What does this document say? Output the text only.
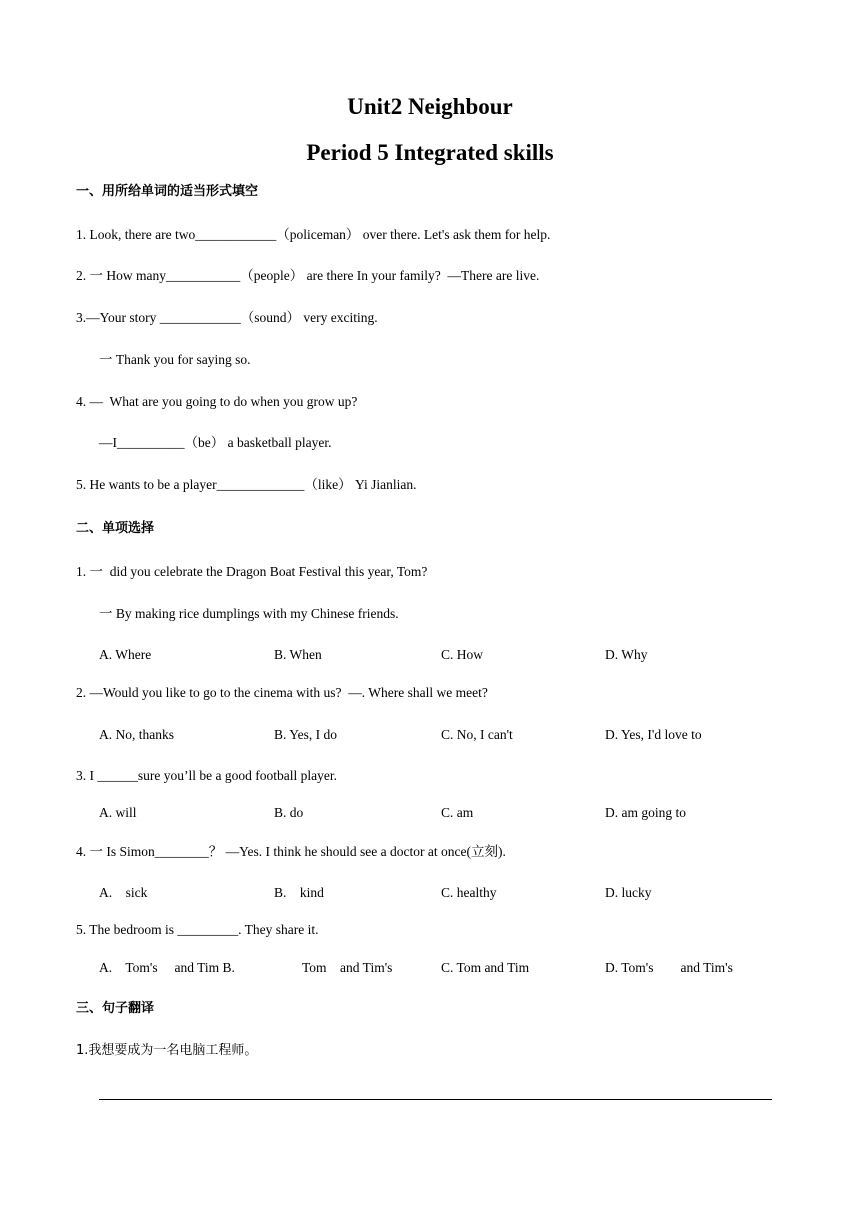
Unit2 Neighbour
Period 5 Integrated skills
一、用所给单词的适当形式填空
1. Look, there are two____________（policeman） over there. Let's ask them for help.
2. 一 How many___________（people） are there In your family?  —There are live.
3.—Your story ____________（sound） very exciting.
一 Thank you for saying so.
4. —  What are you going to do when you grow up?
—I__________（be） a basketball player.
5. He wants to be a player_____________（like） Yi Jianlian.
二、单项选择
1. 一  did you celebrate the Dragon Boat Festival this year, Tom?
一 By making rice dumplings with my Chinese friends.
A. Where	B. When	C. How	D. Why
2. —Would you like to go to the cinema with us?  —. Where shall we meet?
A. No, thanks	B. Yes, I do	C. No, I can't	D. Yes, I'd love to
3. I ______sure you’ll be a good football player.
A. will	B. do	C. am	D. am going to
4. 一 Is Simon________？ —Yes. I think he should see a doctor at once(立刻).
A.    sick	B.    kind	C. healthy	D. lucky
5. The bedroom is _________. They share it.
A.    Tom's     and Tim B.	Tom    and Tim's	C. Tom and Tim	D. Tom's        and Tim's
三、句子翻译
1.我想要成为一名电脑工程师。
